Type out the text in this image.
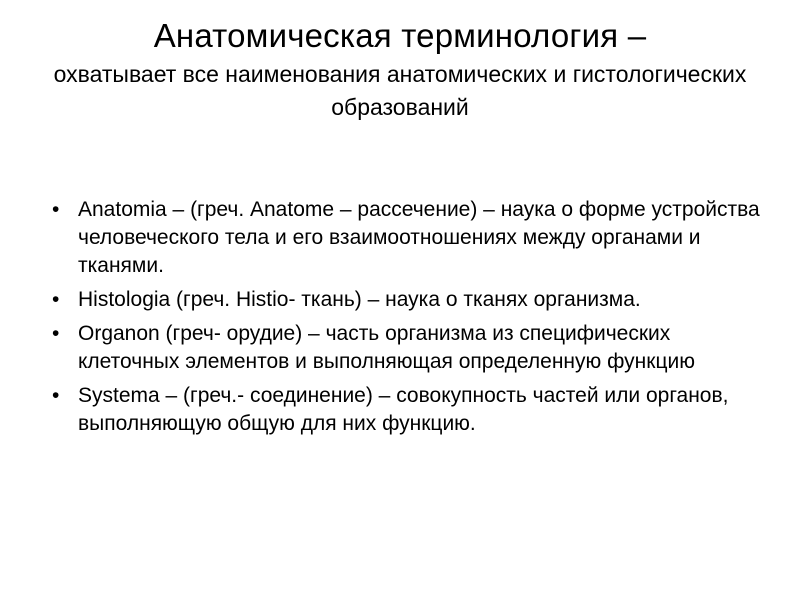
Анатомическая терминология –
охватывает все наименования анатомических и гистологических образований
• Anatomia – (греч. Anatome – рассечение) – наука о форме устройства человеческого тела и его взаимоотношениях между органами и тканями.
• Histologia (греч. Histio- ткань) – наука о тканях организма.
• Organon (греч- орудие) – часть организма из специфических клеточных элементов и выполняющая определенную функцию
• Systema – (греч.- соединение) – совокупность частей или органов, выполняющую общую для них функцию.
